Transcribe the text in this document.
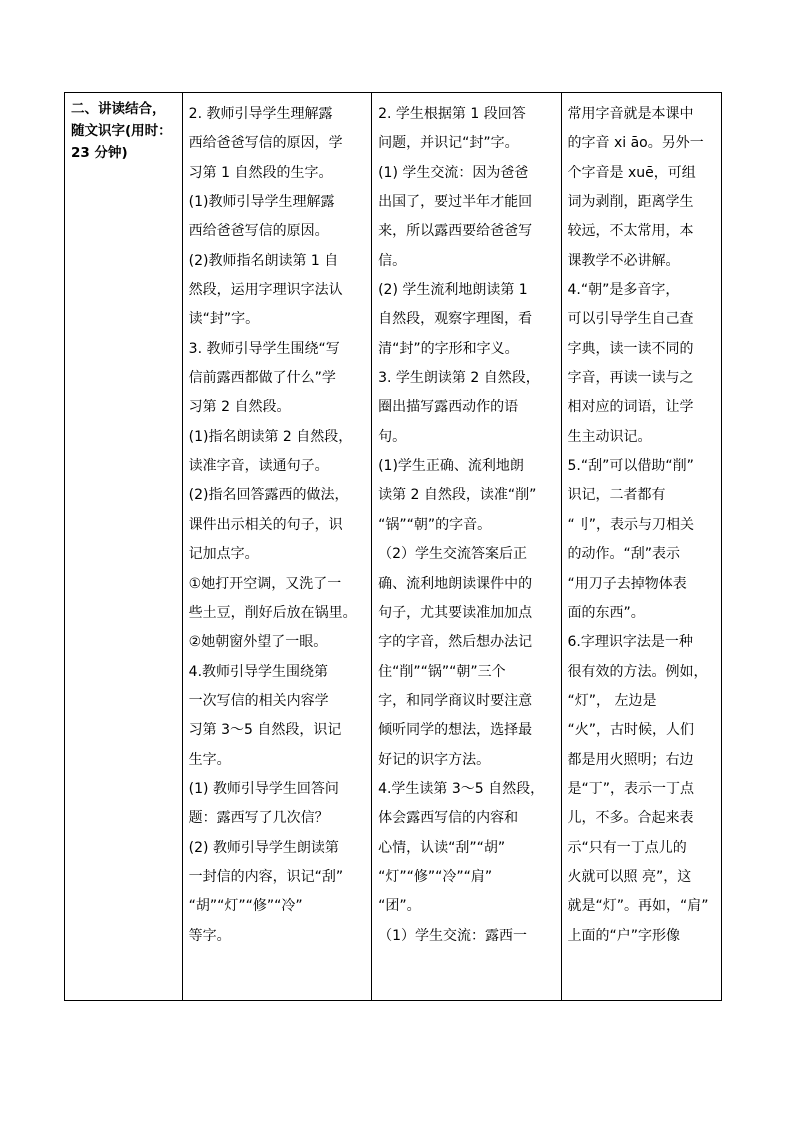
二、讲读结合，
随文识字(用时：
23 分钟)
2. 教师引导学生理解露
西给爸爸写信的原因，学
习第 1 自然段的生字。
(1)教师引导学生理解露
西给爸爸写信的原因。
(2)教师指名朗读第 1 自
然段，运用字理识字法认
读“封”字。
3. 教师引导学生围绕“写
信前露西都做了什么”学
习第 2 自然段。
(1)指名朗读第 2 自然段，
读准字音，读通句子。
(2)指名回答露西的做法，
课件出示相关的句子，识
记加点字。
①她打开空调，又洗了一
些土豆，削好后放在锅里。
②她朝窗外望了一眼。
4.教师引导学生围绕第
一次写信的相关内容学
习第 3～5 自然段，识记
生字。
(1) 教师引导学生回答问
题：露西写了几次信？
(2) 教师引导学生朗读第
一封信的内容，识记“刮”
“胡”“灯”“修”“冷”
等字。
2. 学生根据第 1 段回答
问题，并识记“封”字。
(1) 学生交流：因为爸爸
出国了，要过半年才能回
来，所以露西要给爸爸写
信。
(2) 学生流利地朗读第 1
自然段，观察字理图，看
清“封”的字形和字义。
3. 学生朗读第 2 自然段，
圈出描写露西动作的语
句。
(1)学生正确、流利地朗
读第 2 自然段，读准“削”
“锅”“朝”的字音。
（2）学生交流答案后正
确、流利地朗读课件中的
句子，尤其要读准加加点
字的字音，然后想办法记
住“削”“锅”“朝”三个
字，和同学商议时要注意
倾听同学的想法，选择最
好记的识字方法。
4.学生读第 3～5 自然段，
体会露西写信的内容和
心情，认读“刮”“胡”
“灯”“修”“冷”“肩”
“团”。
（1）学生交流：露西一
常用字音就是本课中
的字音 xi āo。另外一
个字音是 xuē，可组
词为剥削，距离学生
较远，不太常用，本
课教学不必讲解。
4.“朝”是多音字，
可以引导学生自己查
字典，读一读不同的
字音，再读一读与之
相对应的词语，让学
生主动识记。
5.“刮”可以借助“削”
识记，二者都有
“刂”，表示与刀相关
的动作。“刮”表示
“用刀子去掉物体表
面的东西”。
6.字理识字法是一种
很有效的方法。例如，
“灯”， 左边是
“火”，古时候，人们
都是用火照明；右边
是“丁”，表示一丁点
儿，不多。合起来表
示“只有一丁点儿的
火就可以照 亮”，这
就是“灯”。再如，“肩”
上面的“户”字形像
